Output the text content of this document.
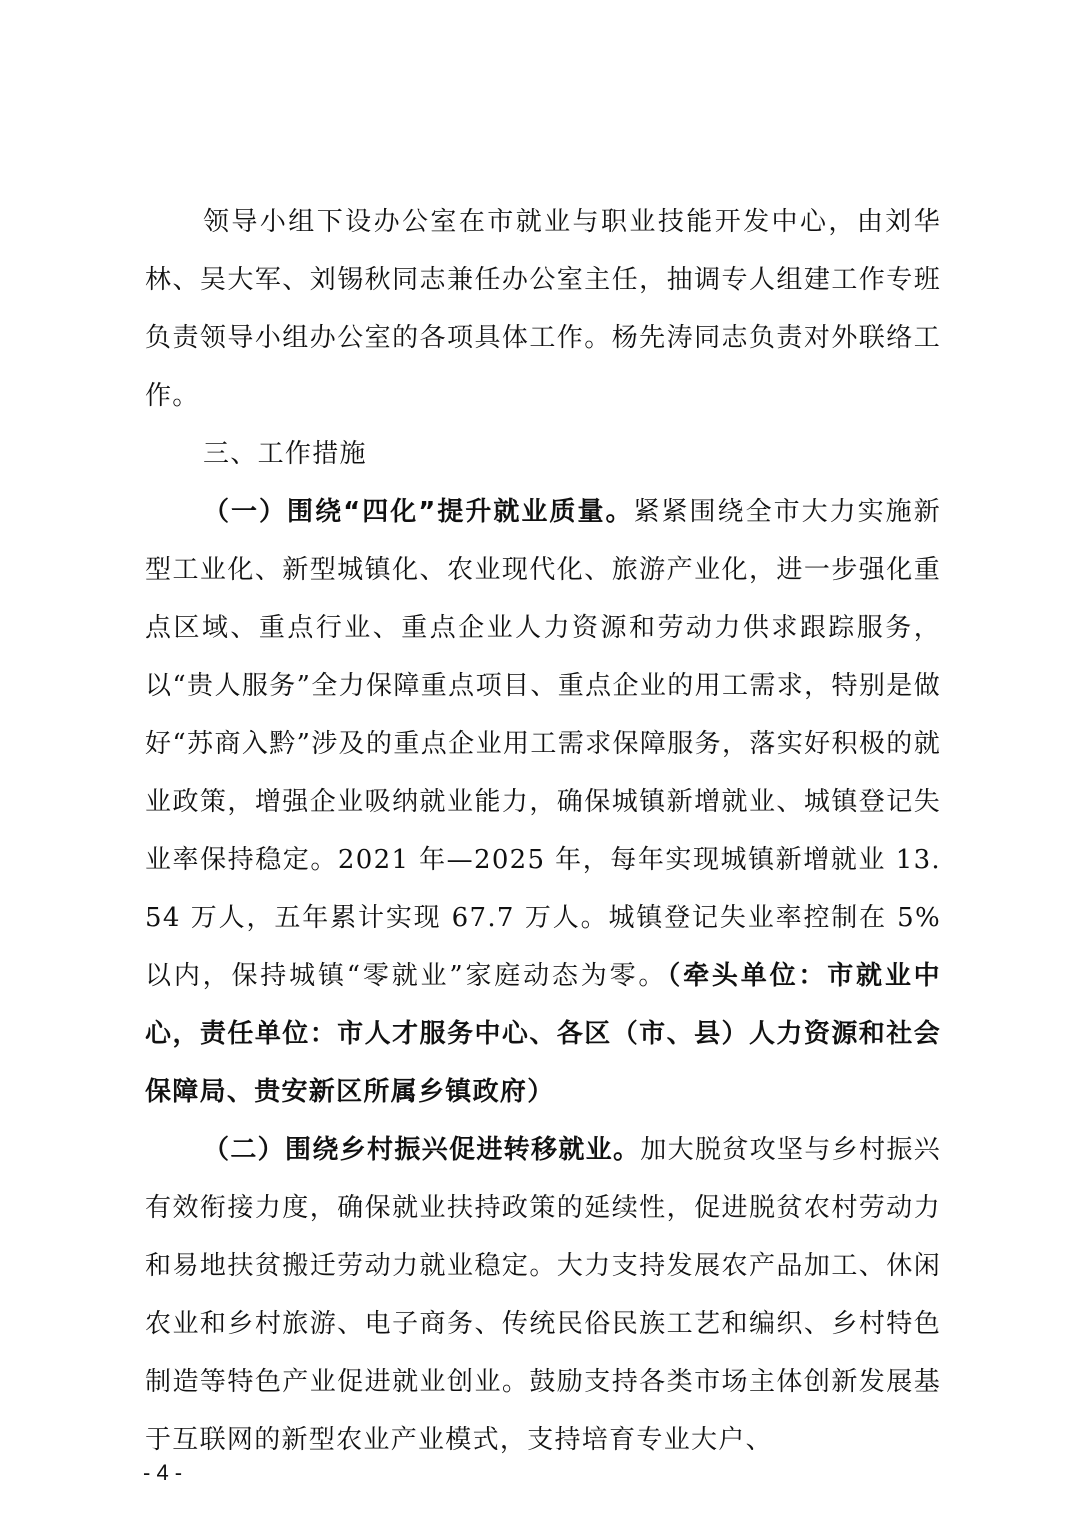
领导小组下设办公室在市就业与职业技能开发中心，由刘华林、吴大军、刘锡秋同志兼任办公室主任，抽调专人组建工作专班负责领导小组办公室的各项具体工作。杨先涛同志负责对外联络工作。

三、工作措施

（一）围绕“四化”提升就业质量。紧紧围绕全市大力实施新型工业化、新型城镇化、农业现代化、旅游产业化，进一步强化重点区域、重点行业、重点企业人力资源和劳动力供求跟踪服务，以“贵人服务”全力保障重点项目、重点企业的用工需求，特别是做好“苏商入黔”涉及的重点企业用工需求保障服务，落实好积极的就业政策，增强企业吸纳就业能力，确保城镇新增就业、城镇登记失业率保持稳定。2021 年—2025 年，每年实现城镇新增就业 13.54 万人，五年累计实现 67.7 万人。城镇登记失业率控制在 5%以内，保持城镇“零就业”家庭动态为零。（牵头单位：市就业中心，责任单位：市人才服务中心、各区（市、县）人力资源和社会保障局、贵安新区所属乡镇政府）

（二）围绕乡村振兴促进转移就业。加大脱贫攻坚与乡村振兴有效衔接力度，确保就业扶持政策的延续性，促进脱贫农村劳动力和易地扶贫搬迁劳动力就业稳定。大力支持发展农产品加工、休闲农业和乡村旅游、电子商务、传统民俗民族工艺和编织、乡村特色制造等特色产业促进就业创业。鼓励支持各类市场主体创新发展基于互联网的新型农业产业模式，支持培育专业大户、

- 4 -
